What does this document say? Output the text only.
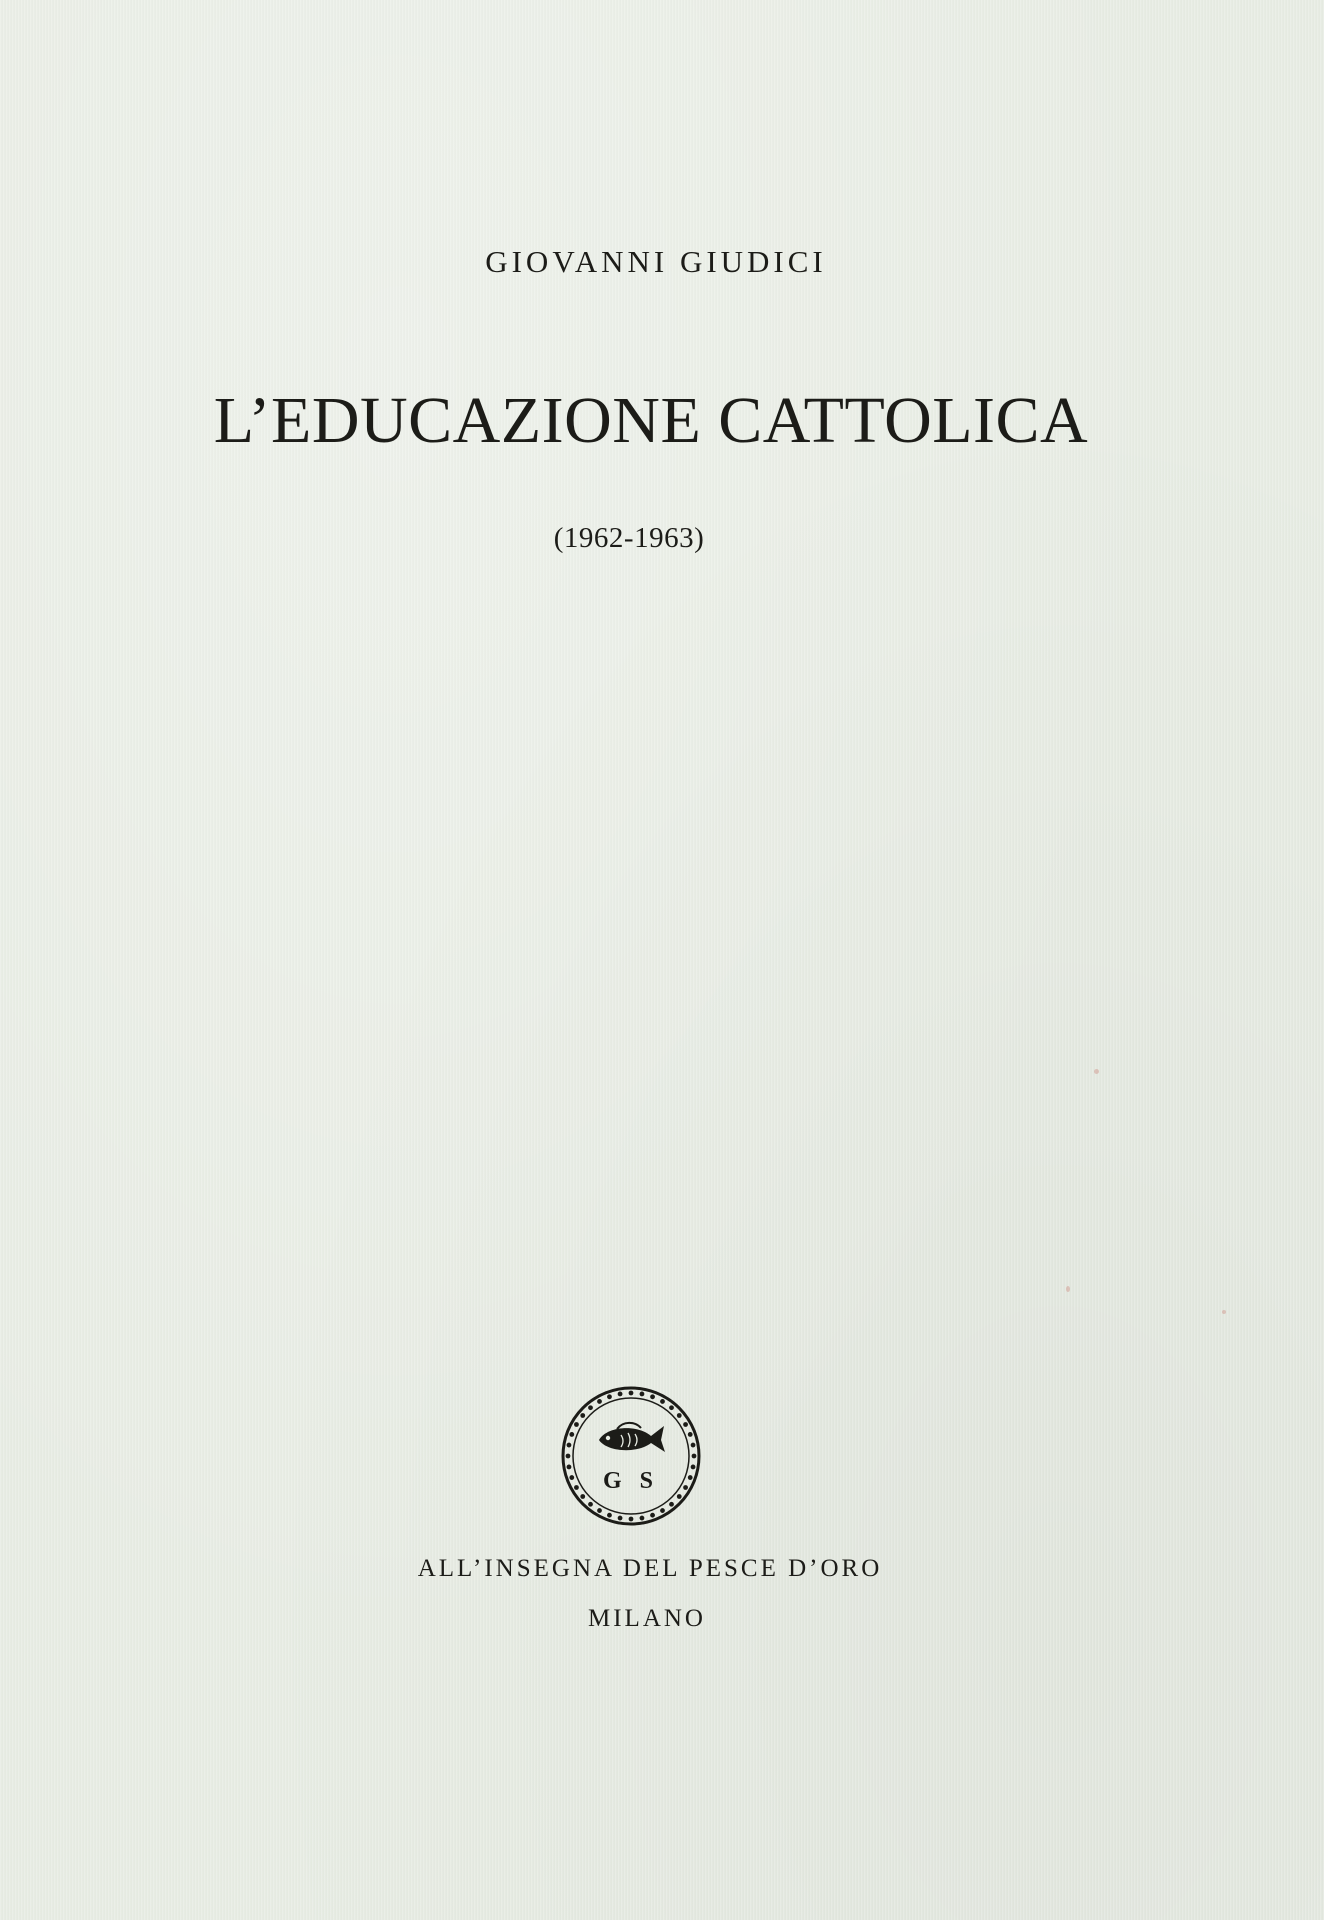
GIOVANNI GIUDICI
L’EDUCAZIONE CATTOLICA
(1962-1963)
G S
ALL’INSEGNA DEL PESCE D’ORO
MILANO
